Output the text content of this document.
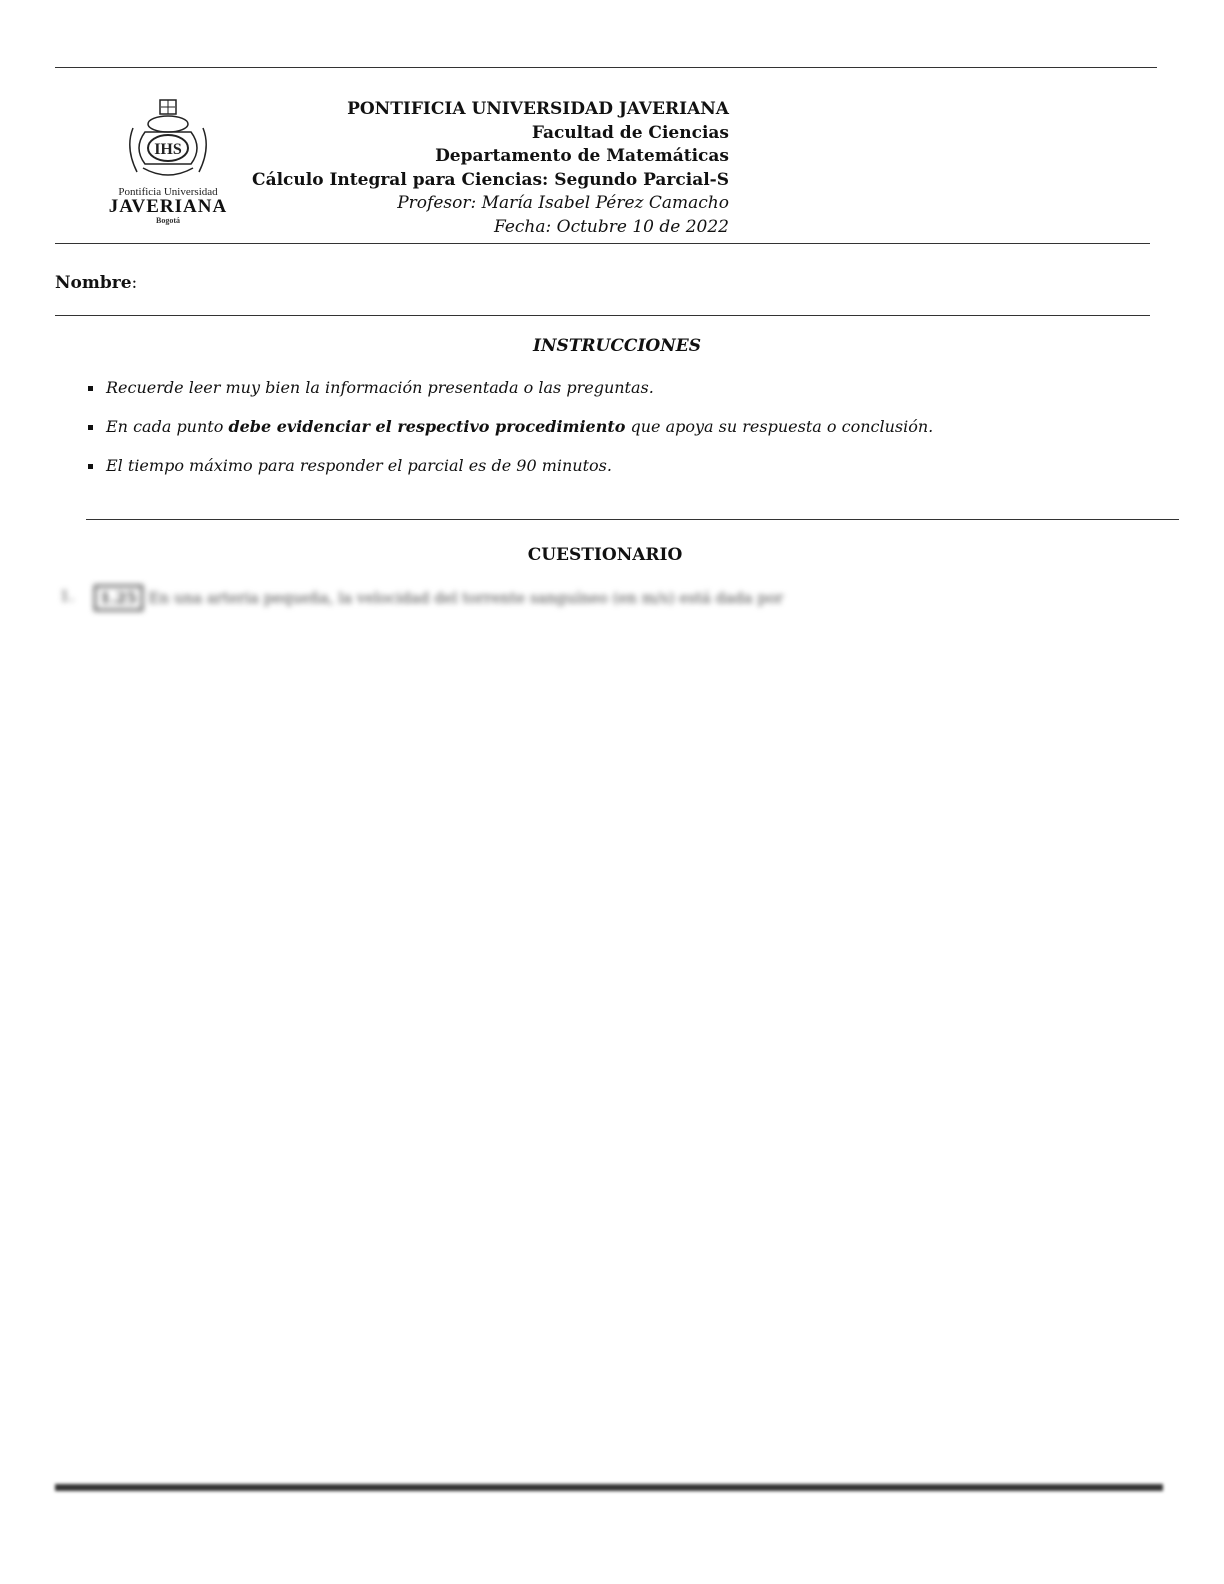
IHS
Pontificia Universidad
JAVERIANA
Bogotá
PONTIFICIA UNIVERSIDAD JAVERIANA
Facultad de Ciencias
Departamento de Matemáticas
Cálculo Integral para Ciencias: Segundo Parcial-S
Profesor: María Isabel Pérez Camacho
Fecha: Octubre 10 de 2022
Nombre:
INSTRUCCIONES
Recuerde leer muy bien la información presentada o las preguntas.
En cada punto debe evidenciar el respectivo procedimiento que apoya su respuesta o conclusión.
El tiempo máximo para responder el parcial es de 90 minutos.
CUESTIONARIO
1. 1.25 En una arteria pequeña, la velocidad del torrente sanguíneo (en m/s) está dada por
